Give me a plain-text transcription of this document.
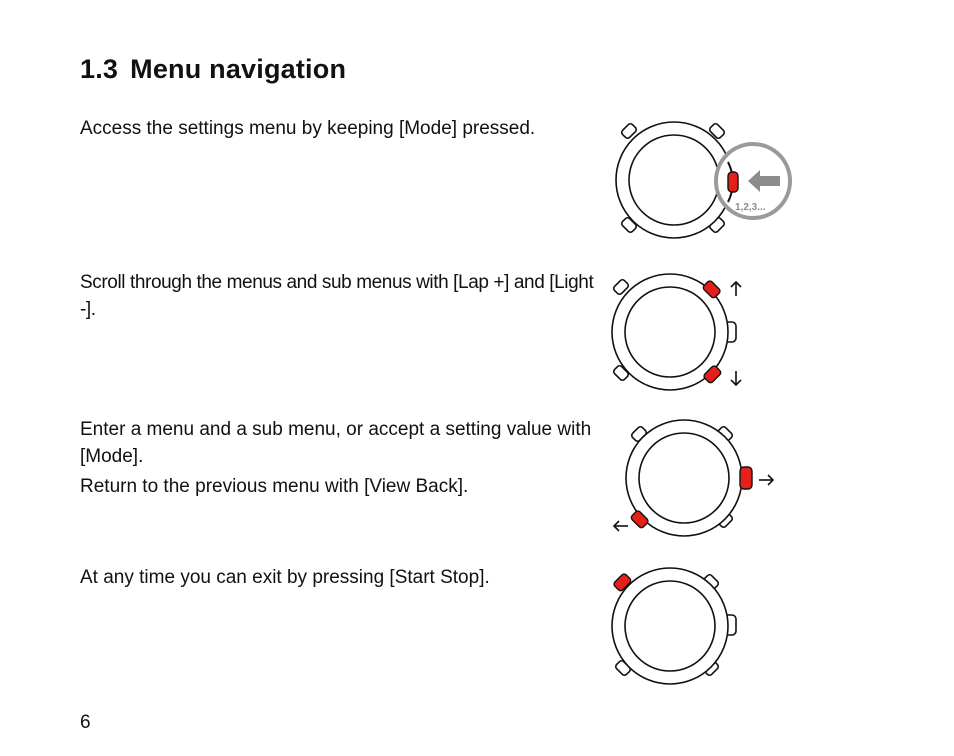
1.3 Menu navigation

Access the settings menu by keeping [Mode] pressed.

Scroll through the menus and sub menus with [Lap +] and [Light -].

Enter a menu and a sub menu, or accept a setting value with [Mode].

Return to the previous menu with [View Back].

At any time you can exit by pressing [Start Stop].

1,2,3...
6
